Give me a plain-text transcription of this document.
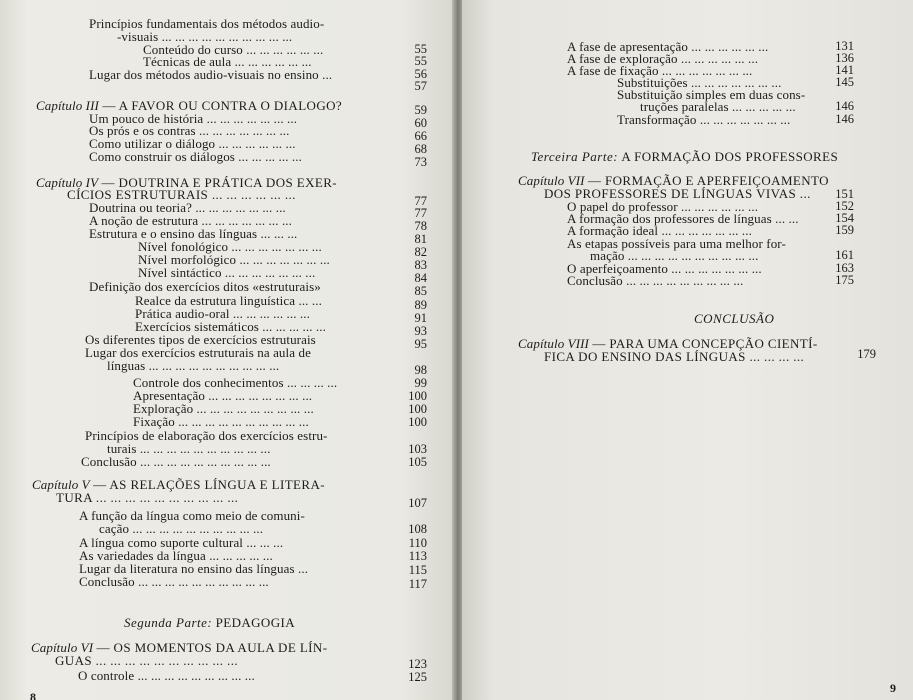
Princípios fundamentais dos métodos audio-
-visuais ... ... ... ... ... ... ... ... ... ...
Conteúdo do curso ... ... ... ... ... ...	55
Técnicas de aula ... ... ... ... ... ...	55
Lugar dos métodos audio-visuais no ensino ...	56
57
Capítulo III — A FAVOR OU CONTRA O DIALOGO?	59
Um pouco de história ... ... ... ... ... ... ...	60
Os prós e os contras ... ... ... ... ... ... ...	66
Como utilizar o diálogo ... ... ... ... ... ...	68
Como construir os diálogos ... ... ... ... ...	73
Capítulo IV — DOUTRINA E PRÁTICA DOS EXER-
CÍCIOS ESTRUTURAIS ... ... ... ... ... ...	77
Doutrina ou teoria? ... ... ... ... ... ... ...	77
A noção de estrutura ... ... ... ... ... ... ...	78
Estrutura e o ensino das línguas ... ... ...	81
Nível fonológico ... ... ... ... ... ... ...	82
Nível morfológico ... ... ... ... ... ... ...	83
Nível sintáctico ... ... ... ... ... ... ...	84
Definição dos exercícios ditos «estruturais»	85
Realce da estrutura linguística ... ...	89
Prática audio-oral ... ... ... ... ... ...	91
Exercícios sistemáticos ... ... ... ... ...	93
Os diferentes tipos de exercícios estruturais	95
Lugar dos exercícios estruturais na aula de
línguas ... ... ... ... ... ... ... ... ... ...	98
Controle dos conhecimentos ... ... ... ...	99
Apresentação ... ... ... ... ... ... ... ...	100
Exploração ... ... ... ... ... ... ... ... ...	100
Fixação ... ... ... ... ... ... ... ... ... ...	100
Princípios de elaboração dos exercícios estru-
turais ... ... ... ... ... ... ... ... ... ...	103
Conclusão ... ... ... ... ... ... ... ... ... ...	105
Capítulo V — AS RELAÇÕES LÍNGUA E LITERA-
TURA ... ... ... ... ... ... ... ... ... ...	107
A função da língua como meio de comuni-
cação ... ... ... ... ... ... ... ... ... ...	108
A língua como suporte cultural ... ... ...	110
As variedades da língua ... ... ... ... ...	113
Lugar da literatura no ensino das línguas ...	115
Conclusão ... ... ... ... ... ... ... ... ... ...	117
Segunda Parte: PEDAGOGIA
Capítulo VI — OS MOMENTOS DA AULA DE LÍN-
GUAS ... ... ... ... ... ... ... ... ... ...	123
O controle ... ... ... ... ... ... ... ... ...	125
8
A fase de apresentação ... ... ... ... ... ...	131
A fase de exploração ... ... ... ... ... ...	136
A fase de fixação ... ... ... ... ... ... ...	141
Substituições ... ... ... ... ... ... ...	145
Substituição simples em duas cons-
truções paralelas ... ... ... ... ...	146
Transformação ... ... ... ... ... ... ...	146
Terceira Parte: A FORMAÇÃO DOS PROFESSORES
Capítulo VII — FORMAÇÃO E APERFEIÇOAMENTO
DOS PROFESSORES DE LÍNGUAS VIVAS ...	151
O papel do professor ... ... ... ... ... ...	152
A formação dos professores de línguas ... ...	154
A formação ideal ... ... ... ... ... ... ...	159
As etapas possíveis para uma melhor for-
mação ... ... ... ... ... ... ... ... ... ...	161
O aperfeiçoamento ... ... ... ... ... ... ...	163
Conclusão ... ... ... ... ... ... ... ... ...	175
CONCLUSÃO
Capítulo VIII — PARA UMA CONCEPÇÃO CIENTÍ-
FICA DO ENSINO DAS LÍNGUAS ... ... ... ...	179
9
